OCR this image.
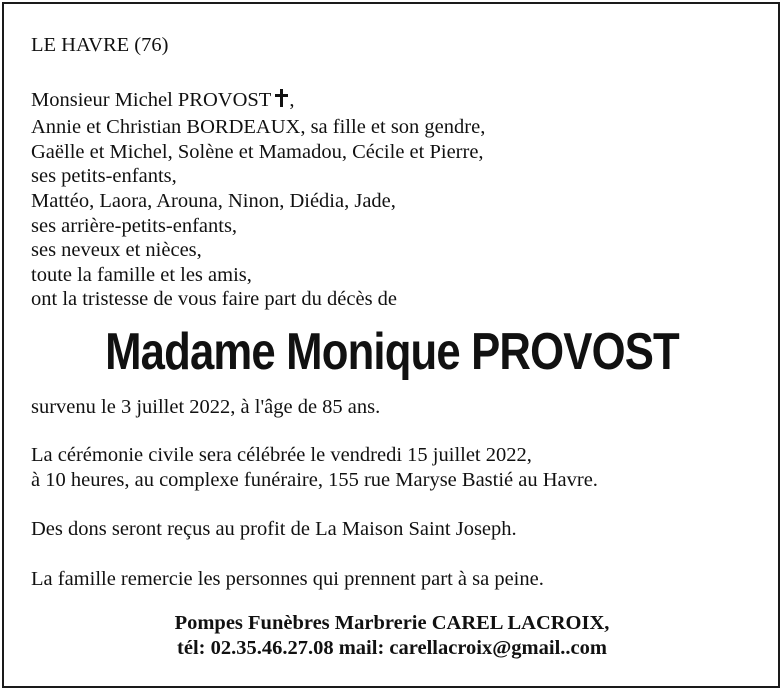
LE HAVRE (76)
Monsieur Michel PROVOST ,
Annie et Christian BORDEAUX, sa fille et son gendre,
Gaëlle et Michel, Solène et Mamadou, Cécile et Pierre,
ses petits-enfants,
Mattéo, Laora, Arouna, Ninon, Diédia, Jade,
ses arrière-petits-enfants,
ses neveux et nièces,
toute la famille et les amis,
ont la tristesse de vous faire part du décès de
Madame Monique PROVOST
survenu le 3 juillet 2022, à l'âge de 85 ans.
La cérémonie civile sera célébrée le vendredi 15 juillet 2022,
à 10 heures, au complexe funéraire, 155 rue Maryse Bastié au Havre.
Des dons seront reçus au profit de La Maison Saint Joseph.
La famille remercie les personnes qui prennent part à sa peine.
Pompes Funèbres Marbrerie CAREL LACROIX,
tél: 02.35.46.27.08 mail: carellacroix@gmail..com
